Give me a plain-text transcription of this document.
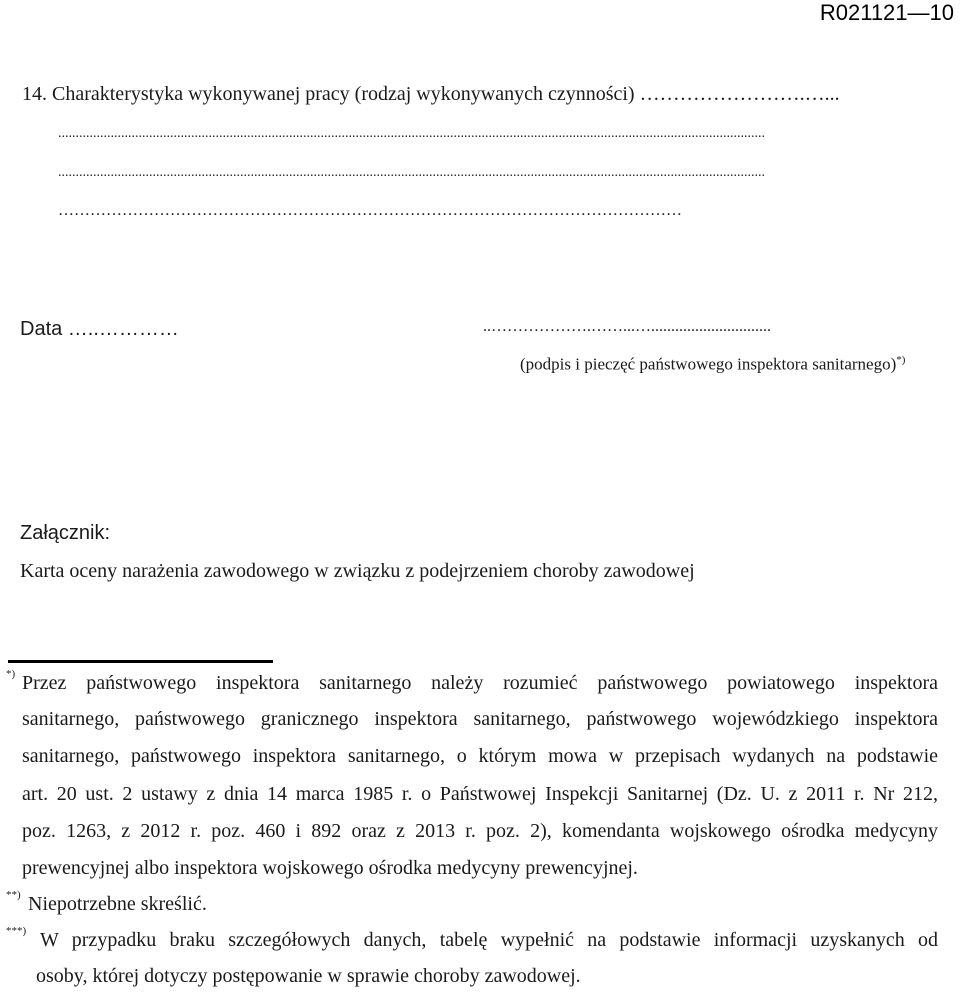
R021121—10
14. Charakterystyka wykonywanej pracy (rodzaj wykonywanych czynności) …………………….…...
..........................................................................................................................................................................................................
..........................................................................................................................................................................................................
………………………………………………………………………………………………………
Data …..…………	..……………….……...…..............................
(podpis i pieczęć państwowego inspektora sanitarnego)*)
Załącznik:
Karta oceny narażenia zawodowego w związku z podejrzeniem choroby zawodowej
*) Przez państwowego inspektora sanitarnego należy rozumieć państwowego powiatowego inspektora
sanitarnego, państwowego granicznego inspektora sanitarnego, państwowego wojewódzkiego inspektora
sanitarnego, państwowego inspektora sanitarnego, o którym mowa w przepisach wydanych na podstawie
art. 20 ust. 2 ustawy z dnia 14 marca 1985 r. o Państwowej Inspekcji Sanitarnej (Dz. U. z 2011 r. Nr 212,
poz. 1263, z 2012 r. poz. 460 i 892 oraz z 2013 r. poz. 2), komendanta wojskowego ośrodka medycyny
prewencyjnej albo inspektora wojskowego ośrodka medycyny prewencyjnej.
**) Niepotrzebne skreślić.
***) W przypadku braku szczegółowych danych, tabelę wypełnić na podstawie informacji uzyskanych od
osoby, której dotyczy postępowanie w sprawie choroby zawodowej.
